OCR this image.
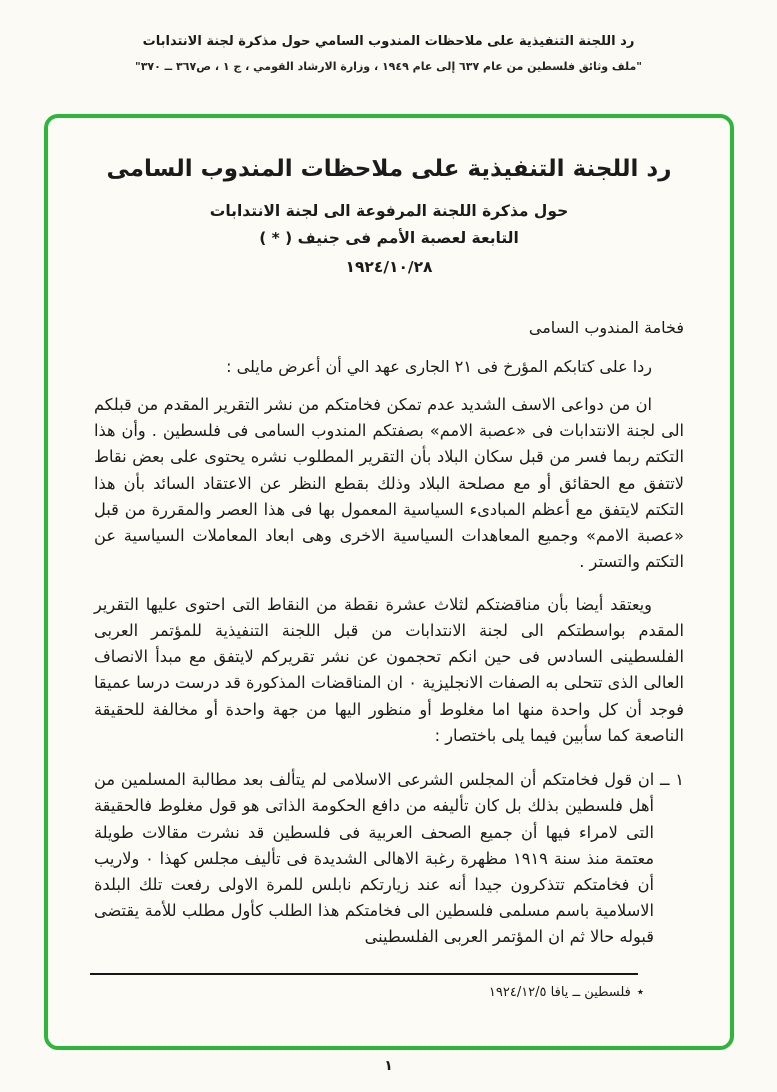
رد اللجنة التنفيذية على ملاحظات المندوب السامي حول مذكرة لجنة الانتدابات
"ملف وثائق فلسطين من عام ٦٣٧ إلى عام ١٩٤٩ ، وزارة الارشاد القومي ، ج ١ ، ص٣٦٧ ــ ٣٧٠"
رد اللجنة التنفيذية على ملاحظات المندوب السامى
حول مذكرة اللجنة المرفوعة الى لجنة الانتدابات
التابعة لعصبة الأمم فى جنيف ( * )
١٩٢٤/١٠/٢٨
فخامة المندوب السامى

ردا على كتابكم المؤرخ فى ٢١ الجارى عهد الي أن أعرض مايلى :

ان من دواعى الاسف الشديد عدم تمكن فخامتكم من نشر التقرير المقدم من قبلكم الى لجنة الانتدابات فى «عصبة الامم» بصفتكم المندوب السامى فى فلسطين . وأن هذا التكتم ربما فسر من قبل سكان البلاد بأن التقرير المطلوب نشره يحتوى على بعض نقاط لاتتفق مع الحقائق أو مع مصلحة البلاد وذلك بقطع النظر عن الاعتقاد السائد بأن هذا التكتم لايتفق مع أعظم المبادىء السياسية المعمول بها فى هذا العصر والمقررة من قبل «عصبة الامم» وجميع المعاهدات السياسية الاخرى وهى ابعاد المعاملات السياسية عن التكتم والتستر .

ويعتقد أيضا بأن مناقضتكم لثلاث عشرة نقطة من النقاط التى احتوى عليها التقرير المقدم بواسطتكم الى لجنة الانتدابات من قبل اللجنة التنفيذية للمؤتمر العربى الفلسطينى السادس فى حين انكم تحجمون عن نشر تقريركم لايتفق مع مبدأ الانصاف العالى الذى تتحلى به الصفات الانجليزية ٠ ان المناقضات المذكورة قد درست درسا عميقا فوجد أن كل واحدة منها اما مغلوط أو منظور اليها من جهة واحدة أو مخالفة للحقيقة الناصعة كما سأبين فيما يلى باختصار :

١ ــ ان قول فخامتكم أن المجلس الشرعى الاسلامى لم يتألف بعد مطالبة المسلمين من أهل فلسطين بذلك بل كان تأليفه من دافع الحكومة الذاتى هو قول مغلوط فالحقيقة التى لامراء فيها أن جميع الصحف العربية فى فلسطين قد نشرت مقالات طويلة معتمة منذ سنة ١٩١٩ مظهرة رغبة الاهالى الشديدة فى تأليف مجلس كهذا ٠ ولاريب أن فخامتكم تتذكرون جيدا أنه عند زيارتكم نابلس للمرة الاولى رفعت تلك البلدة الاسلامية باسم مسلمى فلسطين الى فخامتكم هذا الطلب كأول مطلب للأمة يقتضى قبوله حالا ثم ان المؤتمر العربى الفلسطينى

٭فلسطين ــ يافا ١٩٢٤/١٢/٥
١
